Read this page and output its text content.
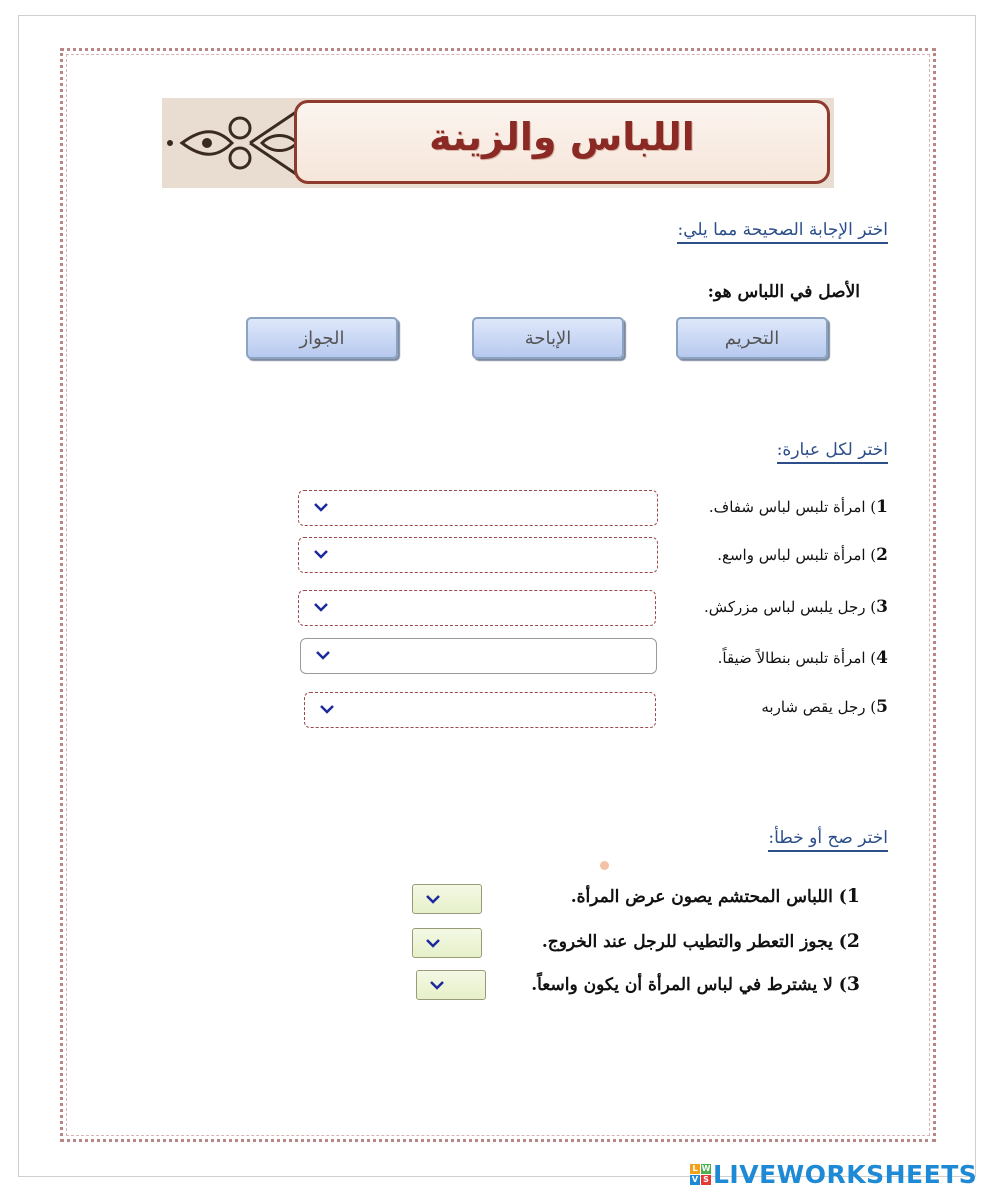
اللباس والزينة
اختر الإجابة الصحيحة مما يلي:
الأصل في اللباس هو:
التحريم
الإباحة
الجواز
اختر لكل عبارة:
1) امرأة تلبس لباس شفاف.
2) امرأة تلبس لباس واسع.
3) رجل يلبس لباس مزركش.
4) امرأة تلبس بنطالاً ضيقاً.
5) رجل يقص شاربه
اختر صح أو خطأ:
1) اللباس المحتشم يصون عرض المرأة.
2) يجوز التعطر والتطيب للرجل عند الخروج.
3) لا يشترط في لباس المرأة أن يكون واسعاً.
L W
V S LIVEWORKSHEETS
